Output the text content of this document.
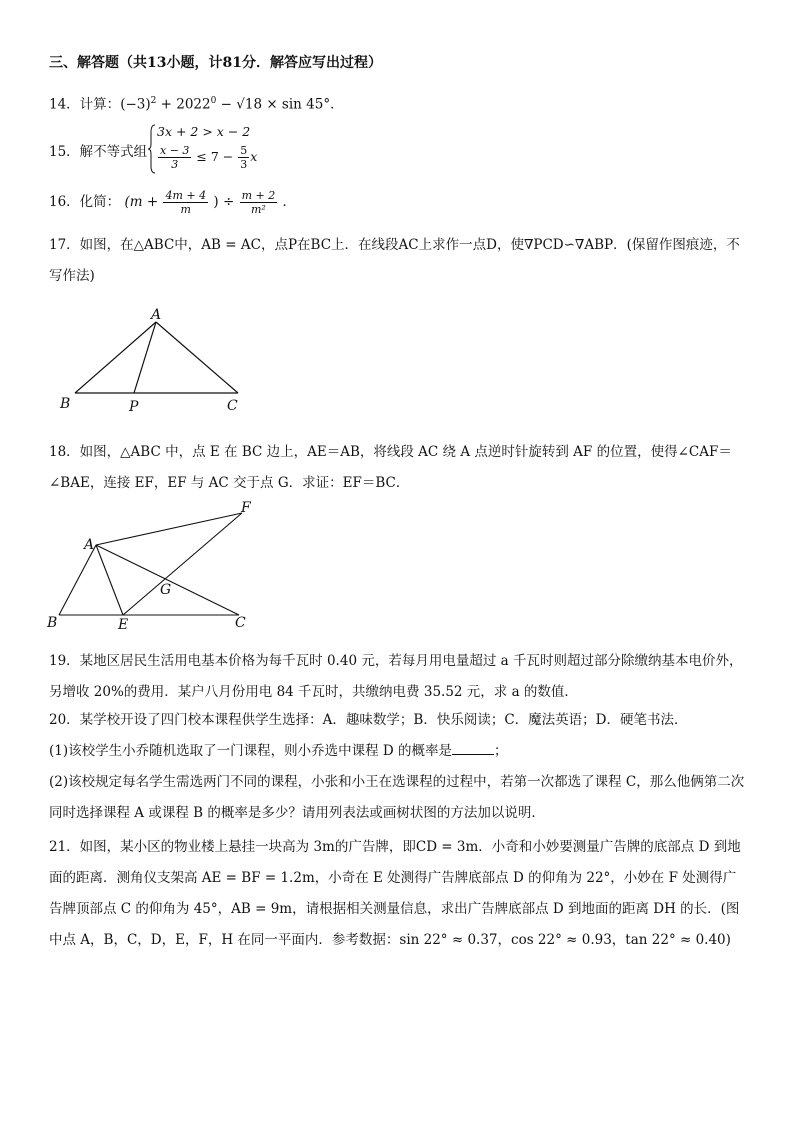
三、解答题（共13小题，计81分．解答应写出过程）
14．计算：$(-3)^2 + 2022^0 - √18 \times \sin 45^\circ$．
15．解不等式组
3x + 2 > x − 2
$\frac{x - 3}{3} \le 7 - \frac{5}{3}$ x
16．化简： ($m + \frac{4m + 4}{m}$ ) ÷ $\frac{m + 2}{\text{m²}}$ ．
17．如图，在△ABC中，AB = AC，点P在BC上．在线段AC上求作一点D，使∇PCD∽∇ABP．(保留作图痕迹，不写作法)
A
B	P	C
18．如图，△ABC 中，点 E 在 BC 边上，AE＝AB，将线段 AC 绕 A 点逆时针旋转到 AF 的位置，使得∠CAF＝∠BAE，连接 EF，EF 与 AC 交于点 G．求证：EF＝BC．
A
B	E	C
F
G
19．某地区居民生活用电基本价格为每千瓦时 0.40 元，若每月用电量超过 a 千瓦时则超过部分除缴纳基本电价外，另增收 20%的费用．某户八月份用电 84 千瓦时，共缴纳电费 35.52 元，求 a 的数值．
20．某学校开设了四门校本课程供学生选择：A．趣味数学；B．快乐阅读；C．魔法英语；D．硬笔书法．
(1)该校学生小乔随机选取了一门课程，则小乔选中课程 D 的概率是	；
(2)该校规定每名学生需选两门不同的课程，小张和小王在选课程的过程中，若第一次都选了课程 C，那么他俩第二次同时选择课程 A 或课程 B 的概率是多少？请用列表法或画树状图的方法加以说明．
21．如图，某小区的物业楼上悬挂一块高为 3m的广告牌，即CD = 3m．小奇和小妙要测量广告牌的底部点 D 到地面的距离．测角仪支架高 AE = BF = 1.2m，小奇在 E 处测得广告牌底部点 D 的仰角为 22°，小妙在 F 处测得广告牌顶部点 C 的仰角为 45°，AB = 9m，请根据相关测量信息，求出广告牌底部点 D 到地面的距离 DH 的长．(图中点 A，B，C，D，E，F，H 在同一平面内．参考数据：sin 22° ≈ 0.37，cos 22° ≈ 0.93，tan 22° ≈ 0.40)
